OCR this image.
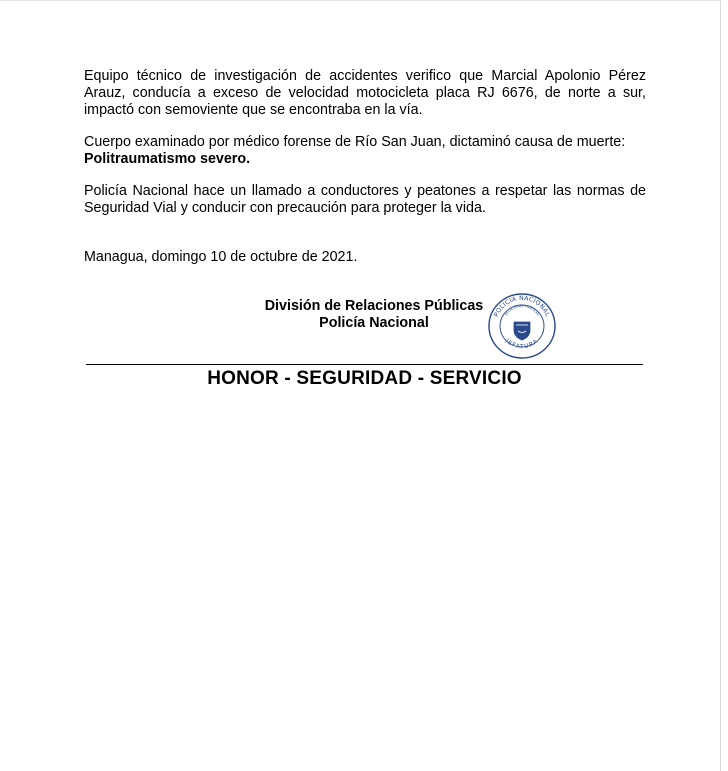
Equipo técnico de investigación de accidentes verifico que Marcial Apolonio Pérez Arauz, conducía a exceso de velocidad motocicleta placa RJ 6676, de norte a sur, impactó con semoviente que se encontraba en la vía.

Cuerpo examinado por médico forense de Río San Juan, dictaminó causa de muerte:
Politraumatismo severo.

Policía Nacional hace un llamado a conductores y peatones a respetar las normas de Seguridad Vial y conducir con precaución para proteger la vida.

Managua, domingo 10 de octubre de 2021.

División de Relaciones Públicas
Policía Nacional
POLICIA NACIONAL
RELACIONES PUBLICAS
JEFATURA
HONOR - SEGURIDAD - SERVICIO
